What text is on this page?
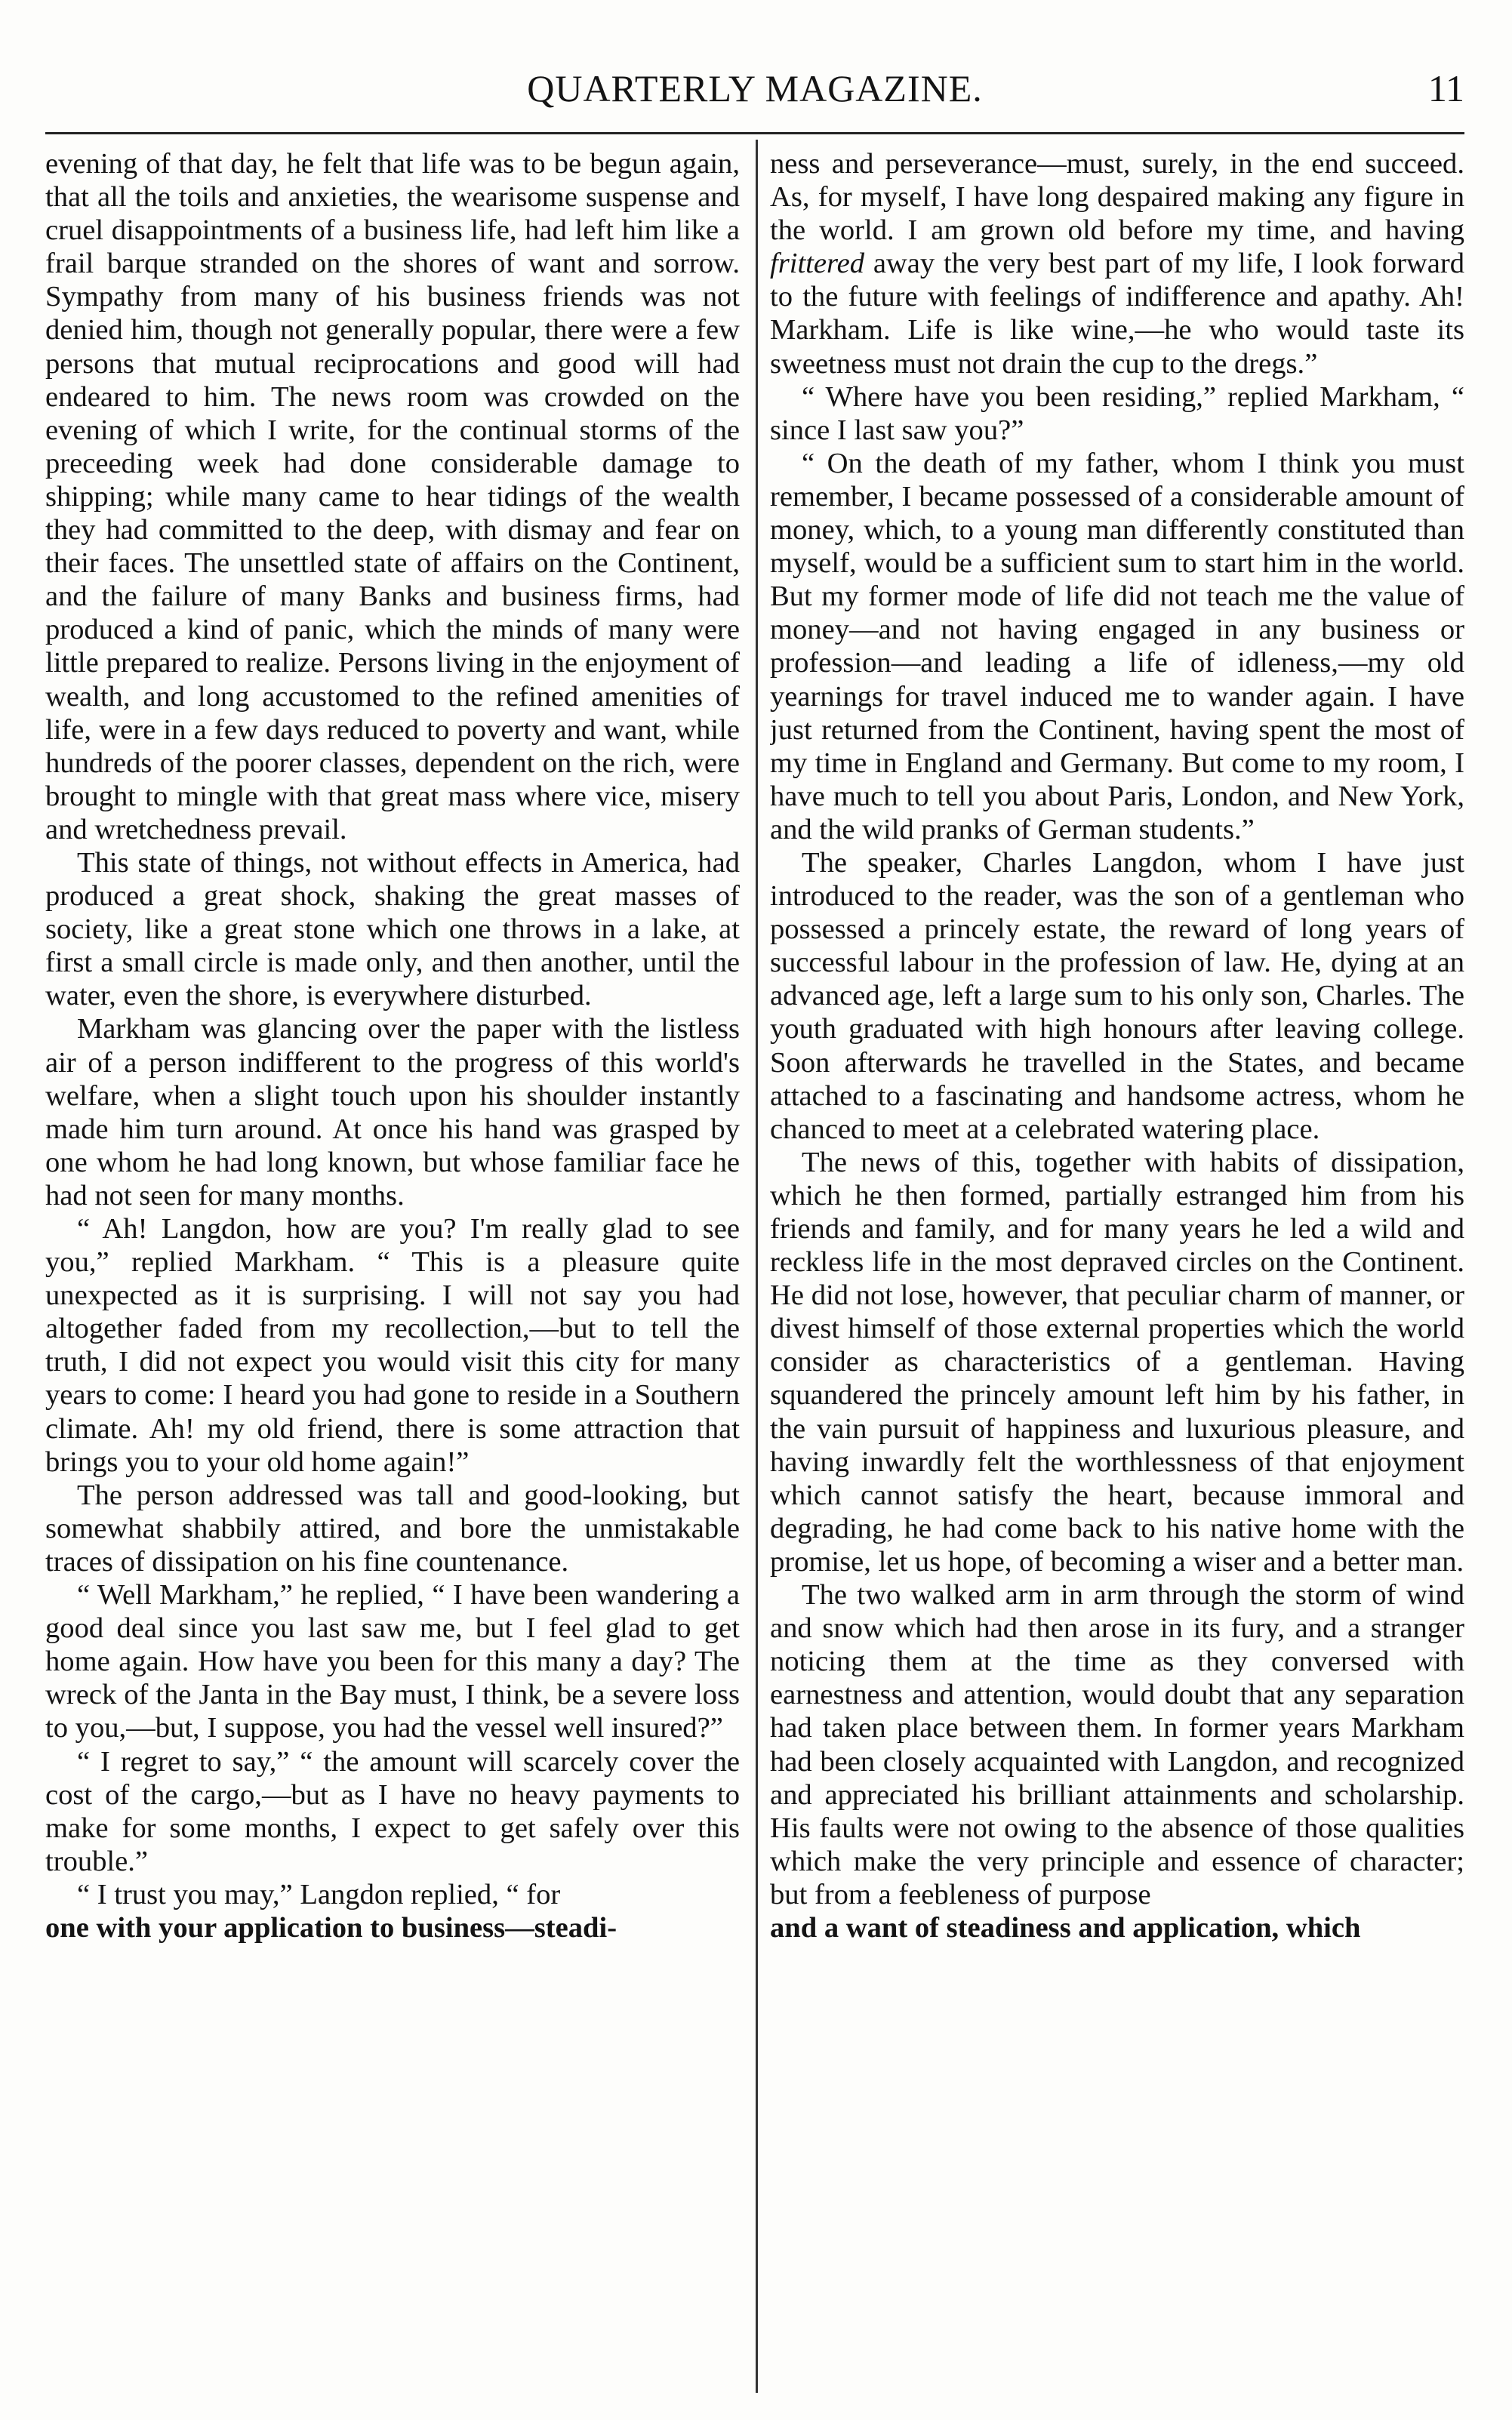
QUARTERLY MAGAZINE.	11

evening of that day, he felt that life was to be begun again, that all the toils and anxieties, the wearisome suspense and cruel disappointments of a business life, had left him like a frail barque stranded on the shores of want and sorrow. Sympathy from many of his business friends was not denied him, though not generally popular, there were a few persons that mutual reciprocations and good will had endeared to him. The news room was crowded on the evening of which I write, for the continual storms of the preceeding week had done considerable damage to shipping; while many came to hear tidings of the wealth they had committed to the deep, with dismay and fear on their faces. The unsettled state of affairs on the Continent, and the failure of many Banks and business firms, had produced a kind of panic, which the minds of many were little prepared to realize. Persons living in the enjoyment of wealth, and long accustomed to the refined amenities of life, were in a few days reduced to poverty and want, while hundreds of the poorer classes, dependent on the rich, were brought to mingle with that great mass where vice, misery and wretchedness prevail.

This state of things, not without effects in America, had produced a great shock, shaking the great masses of society, like a great stone which one throws in a lake, at first a small circle is made only, and then another, until the water, even the shore, is everywhere disturbed.

Markham was glancing over the paper with the listless air of a person indifferent to the progress of this world's welfare, when a slight touch upon his shoulder instantly made him turn around. At once his hand was grasped by one whom he had long known, but whose familiar face he had not seen for many months.

“ Ah! Langdon, how are you? I'm really glad to see you,” replied Markham. “ This is a pleasure quite unexpected as it is surprising. I will not say you had altogether faded from my recollection,—but to tell the truth, I did not expect you would visit this city for many years to come: I heard you had gone to reside in a Southern climate. Ah! my old friend, there is some attraction that brings you to your old home again!”

The person addressed was tall and good-looking, but somewhat shabbily attired, and bore the unmistakable traces of dissipation on his fine countenance.

“ Well Markham,” he replied, “ I have been wandering a good deal since you last saw me, but I feel glad to get home again. How have you been for this many a day? The wreck of the Janta in the Bay must, I think, be a severe loss to you,—but, I suppose, you had the vessel well insured?”

“ I regret to say,” “ the amount will scarcely cover the cost of the cargo,—but as I have no heavy payments to make for some months, I expect to get safely over this trouble.”

“ I trust you may,” Langdon replied, “ for

one with your application to business—steadi-

ness and perseverance—must, surely, in the end succeed. As, for myself, I have long despaired making any figure in the world. I am grown old before my time, and having frittered away the very best part of my life, I look forward to the future with feelings of indifference and apathy. Ah! Markham. Life is like wine,—he who would taste its sweetness must not drain the cup to the dregs.”

“ Where have you been residing,” replied Markham, “ since I last saw you?”

“ On the death of my father, whom I think you must remember, I became possessed of a considerable amount of money, which, to a young man differently constituted than myself, would be a sufficient sum to start him in the world. But my former mode of life did not teach me the value of money—and not having engaged in any business or profession—and leading a life of idleness,—my old yearnings for travel induced me to wander again. I have just returned from the Continent, having spent the most of my time in England and Germany. But come to my room, I have much to tell you about Paris, London, and New York, and the wild pranks of German students.”

The speaker, Charles Langdon, whom I have just introduced to the reader, was the son of a gentleman who possessed a princely estate, the reward of long years of successful labour in the profession of law. He, dying at an advanced age, left a large sum to his only son, Charles. The youth graduated with high honours after leaving college. Soon afterwards he travelled in the States, and became attached to a fascinating and handsome actress, whom he chanced to meet at a celebrated watering place.

The news of this, together with habits of dissipation, which he then formed, partially estranged him from his friends and family, and for many years he led a wild and reckless life in the most depraved circles on the Continent. He did not lose, however, that peculiar charm of manner, or divest himself of those external properties which the world consider as characteristics of a gentleman. Having squandered the princely amount left him by his father, in the vain pursuit of happiness and luxurious pleasure, and having inwardly felt the worthlessness of that enjoyment which cannot satisfy the heart, because immoral and degrading, he had come back to his native home with the promise, let us hope, of becoming a wiser and a better man.

The two walked arm in arm through the storm of wind and snow which had then arose in its fury, and a stranger noticing them at the time as they conversed with earnestness and attention, would doubt that any separation had taken place between them. In former years Markham had been closely acquainted with Langdon, and recognized and appreciated his brilliant attainments and scholarship. His faults were not owing to the absence of those qualities which make the very principle and essence of character; but from a feebleness of purpose

and a want of steadiness and application, which
